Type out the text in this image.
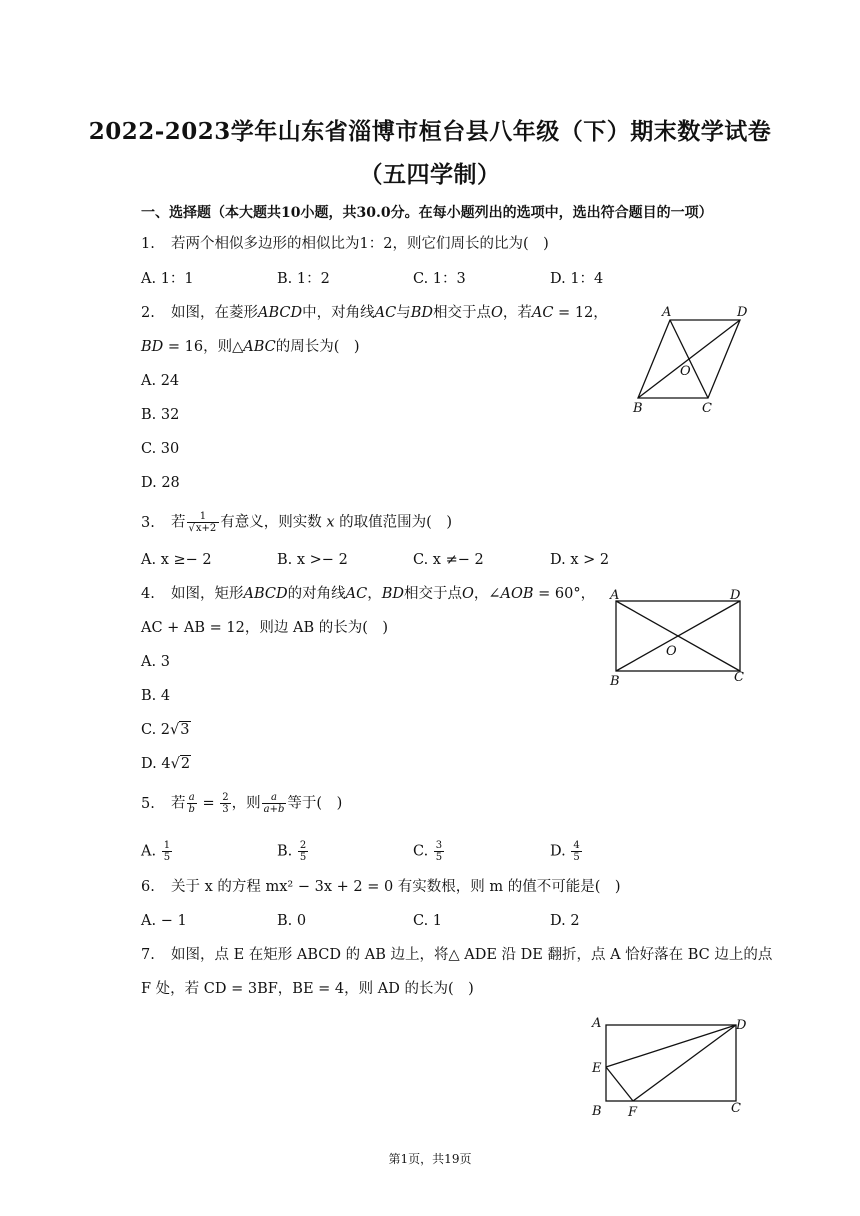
2022-2023学年山东省淄博市桓台县八年级（下）期末数学试卷
（五四学制）
一、选择题（本大题共10小题，共30.0分。在每小题列出的选项中，选出符合题目的一项）
1. 若两个相似多边形的相似比为1：2，则它们周长的比为(　)
A. 1：1	B. 1：2	C. 1：3	D. 1：4
2. 如图，在菱形ABCD中，对角线AC与BD相交于点O，若AC = 12，
BD = 16，则△ABC的周长为(　)
A. 24
B. 32
C. 30
D. 28
A	D
B	C
O
3. 若 $\frac{1}{√x+2}$ 有意义，则实数 x 的取值范围为(　)
A. x ≥− 2	B. x >− 2	C. x ≠− 2	D. x > 2
4. 如图，矩形ABCD的对角线AC，BD相交于点O，∠AOB = 60°，
AC + AB = 12，则边 AB 的长为(　)
A. 3
B. 4
C. 2√3
D. 4√2
A	D
B	C
O
5. 若 $\frac{a}{b} = \frac{2}{3}$ ，则 $\frac{a}{a+b}$ 等于(　)
A. $\frac{1}{5}$	B. $\frac{2}{5}$	C. $\frac{3}{5}$	D. $\frac{4}{5}$
6. 关于 x 的方程 mx² − 3x + 2 = 0 有实数根，则 m 的值不可能是(　)
A. − 1	B. 0	C. 1	D. 2
7. 如图，点 E 在矩形 ABCD 的 AB 边上，将△ ADE 沿 DE 翻折，点 A 恰好落在 BC 边上的点
F 处，若 CD = 3BF，BE = 4，则 AD 的长为(　)
A	D
E
B F	C
第1页，共19页
